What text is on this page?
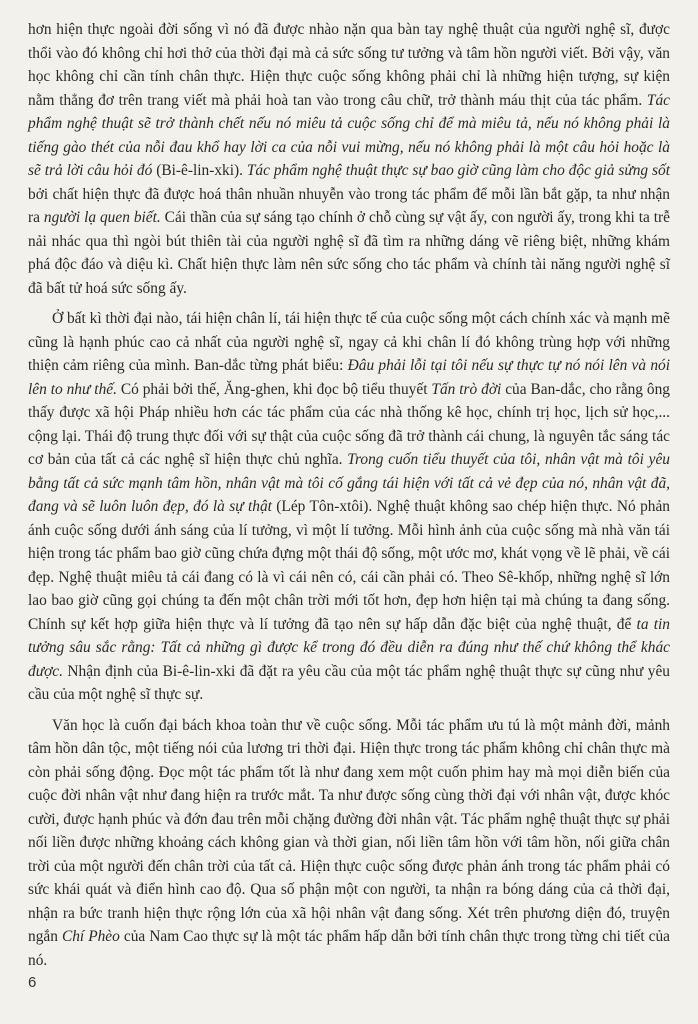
hơn hiện thực ngoài đời sống vì nó đã được nhào nặn qua bàn tay nghệ thuật của người nghệ sĩ, được thổi vào đó không chỉ hơi thở của thời đại mà cả sức sống tư tưởng và tâm hồn người viết. Bởi vậy, văn học không chỉ cần tính chân thực. Hiện thực cuộc sống không phải chỉ là những hiện tượng, sự kiện nằm thẳng đơ trên trang viết mà phải hoà tan vào trong câu chữ, trở thành máu thịt của tác phẩm. Tác phẩm nghệ thuật sẽ trở thành chết nếu nó miêu tả cuộc sống chỉ để mà miêu tả, nếu nó không phải là tiếng gào thét của nỗi đau khổ hay lời ca của nỗi vui mừng, nếu nó không phải là một câu hỏi hoặc là sẽ trả lời câu hỏi đó (Bi-ê-lin-xki). Tác phẩm nghệ thuật thực sự bao giờ cũng làm cho độc giả sửng sốt bởi chất hiện thực đã được hoá thân nhuần nhuyễn vào trong tác phẩm để mỗi lần bắt gặp, ta như nhận ra người lạ quen biết. Cái thần của sự sáng tạo chính ở chỗ cùng sự vật ấy, con người ấy, trong khi ta trễ nải nhác qua thì ngòi bút thiên tài của người nghệ sĩ đã tìm ra những dáng vẽ riêng biệt, những khám phá độc đáo và diệu kì. Chất hiện thực làm nên sức sống cho tác phẩm và chính tài năng người nghệ sĩ đã bất tử hoá sức sống ấy.

Ở bất kì thời đại nào, tái hiện chân lí, tái hiện thực tế của cuộc sống một cách chính xác và mạnh mẽ cũng là hạnh phúc cao cả nhất của người nghệ sĩ, ngay cả khi chân lí đó không trùng hợp với những thiện cảm riêng của mình. Ban-dắc từng phát biểu: Đâu phải lỗi tại tôi nếu sự thực tự nó nói lên và nói lên to như thế. Có phải bởi thế, Ăng-ghen, khi đọc bộ tiểu thuyết Tấn trò đời của Ban-dắc, cho rằng ông thấy được xã hội Pháp nhiều hơn các tác phẩm của các nhà thống kê học, chính trị học, lịch sử học,... cộng lại. Thái độ trung thực đối với sự thật của cuộc sống đã trở thành cái chung, là nguyên tắc sáng tác cơ bản của tất cả các nghệ sĩ hiện thực chủ nghĩa. Trong cuốn tiểu thuyết của tôi, nhân vật mà tôi yêu bằng tất cả sức mạnh tâm hồn, nhân vật mà tôi cố gắng tái hiện với tất cả vẻ đẹp của nó, nhân vật đã, đang và sẽ luôn luôn đẹp, đó là sự thật (Lép Tôn-xtôi). Nghệ thuật không sao chép hiện thực. Nó phản ánh cuộc sống dưới ánh sáng của lí tưởng, vì một lí tưởng. Mỗi hình ảnh của cuộc sống mà nhà văn tái hiện trong tác phẩm bao giờ cũng chứa đựng một thái độ sống, một ước mơ, khát vọng về lẽ phải, về cái đẹp. Nghệ thuật miêu tả cái đang có là vì cái nên có, cái cần phải có. Theo Sê-khốp, những nghệ sĩ lớn lao bao giờ cũng gọi chúng ta đến một chân trời mới tốt hơn, đẹp hơn hiện tại mà chúng ta đang sống. Chính sự kết hợp giữa hiện thực và lí tưởng đã tạo nên sự hấp dẫn đặc biệt của nghệ thuật, để ta tin tưởng sâu sắc rằng: Tất cả những gì được kể trong đó đều diễn ra đúng như thế chứ không thể khác được. Nhận định của Bi-ê-lin-xki đã đặt ra yêu cầu của một tác phẩm nghệ thuật thực sự cũng như yêu cầu của một nghệ sĩ thực sự.

Văn học là cuốn đại bách khoa toàn thư về cuộc sống. Mỗi tác phẩm ưu tú là một mảnh đời, mảnh tâm hồn dân tộc, một tiếng nói của lương tri thời đại. Hiện thực trong tác phẩm không chỉ chân thực mà còn phải sống động. Đọc một tác phẩm tốt là như đang xem một cuốn phim hay mà mọi diễn biến của cuộc đời nhân vật như đang hiện ra trước mắt. Ta như được sống cùng thời đại với nhân vật, được khóc cười, được hạnh phúc và đớn đau trên mỗi chặng đường đời nhân vật. Tác phẩm nghệ thuật thực sự phải nối liền được những khoảng cách không gian và thời gian, nối liền tâm hồn với tâm hồn, nối giữa chân trời của một người đến chân trời của tất cả. Hiện thực cuộc sống được phản ánh trong tác phẩm phải có sức khái quát và điển hình cao độ. Qua số phận một con người, ta nhận ra bóng dáng của cả thời đại, nhận ra bức tranh hiện thực rộng lớn của xã hội nhân vật đang sống. Xét trên phương diện đó, truyện ngắn Chí Phèo của Nam Cao thực sự là một tác phẩm hấp dẫn bởi tính chân thực trong từng chi tiết của nó.

6
